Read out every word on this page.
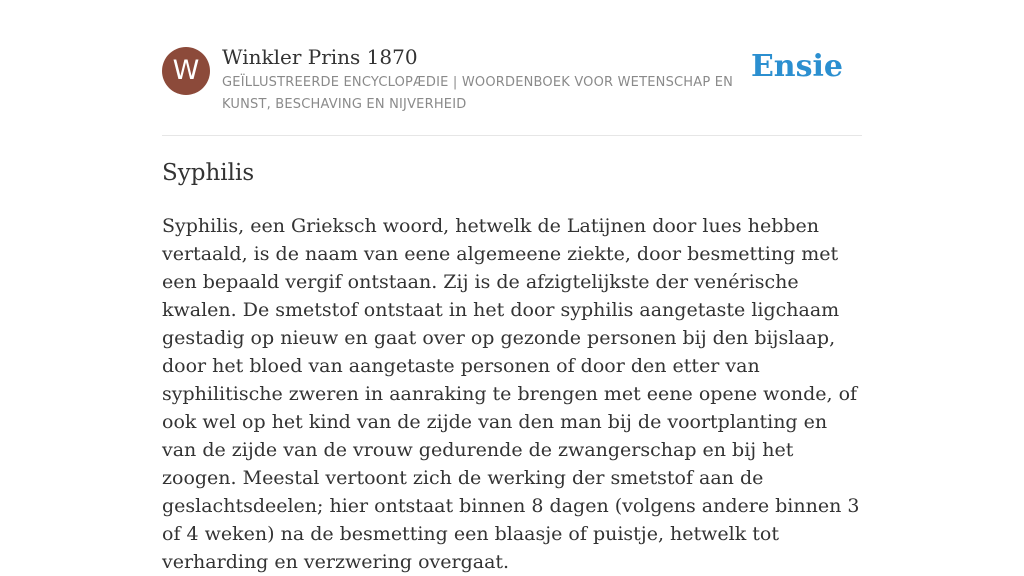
W	Winkler Prins 1870
GEÏLLUSTREERDE ENCYCLOPÆDIE | WOORDENBOEK VOOR WETENSCHAP EN KUNST, BESCHAVING EN NIJVERHEID
Ensie
Syphilis

Syphilis, een Grieksch woord, hetwelk de Latijnen door lues hebben vertaald, is de naam van eene algemeene ziekte, door besmetting met een bepaald vergif ontstaan. Zij is de afzigtelijkste der venérische kwalen. De smetstof ontstaat in het door syphilis aangetaste ligchaam gestadig op nieuw en gaat over op gezonde personen bij den bijslaap, door het bloed van aangetaste personen of door den etter van syphilitische zweren in aanraking te brengen met eene opene wonde, of ook wel op het kind van de zijde van den man bij de voortplanting en van de zijde van de vrouw gedurende de zwangerschap en bij het zoogen. Meestal vertoont zich de werking der smetstof aan de geslachtsdeelen; hier ontstaat binnen 8 dagen (volgens andere binnen 3 of 4 weken) na de besmetting een blaasje of puistje, hetwelk tot verharding en verzwering overgaat.
